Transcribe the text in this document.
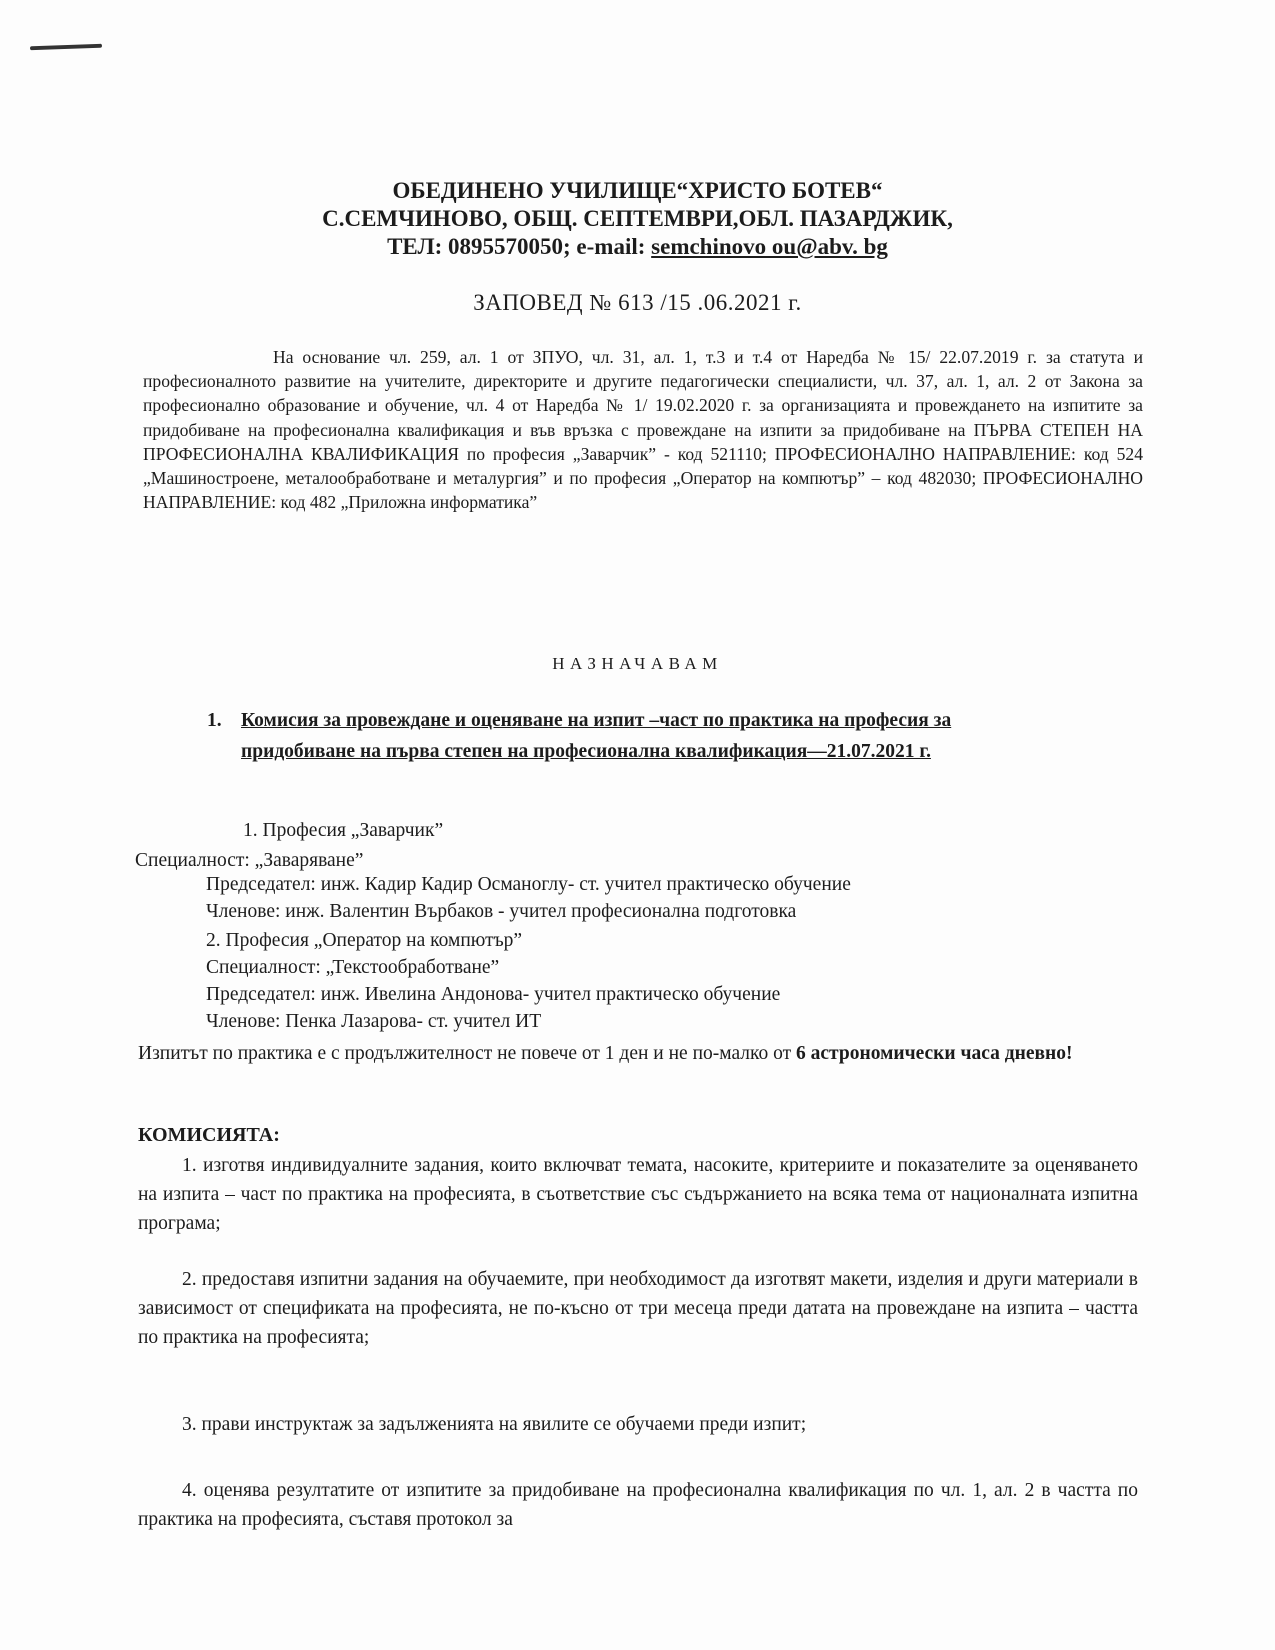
ОБЕДИНЕНО УЧИЛИЩЕ“ХРИСТО БОТЕВ“
С.СЕМЧИНОВО, ОБЩ. СЕПТЕМВРИ,ОБЛ. ПАЗАРДЖИК,
ТЕЛ: 0895570050; e-mail: semchinovo ou@abv. bg
ЗАПОВЕД № 613 /15 .06.2021 г.

На основание чл. 259, ал. 1 от ЗПУО, чл. 31, ал. 1, т.3 и т.4 от Наредба № 15/ 22.07.2019 г. за статута и професионалното развитие на учителите, директорите и другите педагогически специалисти, чл. 37, ал. 1, ал. 2 от Закона за професионално образование и обучение, чл. 4 от Наредба № 1/ 19.02.2020 г. за организацията и провеждането на изпитите за придобиване на професионална квалификация и във връзка с провеждане на изпити за придобиване на ПЪРВА СТЕПЕН НА ПРОФЕСИОНАЛНА КВАЛИФИКАЦИЯ по професия „Заварчик” - код 521110; ПРОФЕСИОНАЛНО НАПРАВЛЕНИЕ: код 524 „Машиностроене, металообработване и металургия” и по професия „Оператор на компютър” – код 482030; ПРОФЕСИОНАЛНО НАПРАВЛЕНИЕ: код 482 „Приложна информатика”

НАЗНАЧАВАМ
1. Комисия за провеждане и оценяване на изпит –част по практика на професия за придобиване на първа степен на професионална квалификация—21.07.2021 г.
1. Професия „Заварчик”
Специалност: „Заваряване”
Председател: инж. Кадир Кадир Османоглу- ст. учител практическо обучение
Членове: инж. Валентин Върбаков - учител професионална подготовка
2. Професия „Оператор на компютър”
Специалност: „Текстообработване”
Председател: инж. Ивелина Андонова- учител практическо обучение
Членове: Пенка Лазарова- ст. учител ИТ

Изпитът по практика е с продължителност не повече от 1 ден и не по-малко от 6 астрономически часа дневно!

КОМИСИЯТА:

1. изготвя индивидуалните задания, които включват темата, насоките, критериите и показателите за оценяването на изпита – част по практика на професията, в съответствие със съдържанието на всяка тема от националната изпитна програма;

2. предоставя изпитни задания на обучаемите, при необходимост да изготвят макети, изделия и други материали в зависимост от спецификата на професията, не по-късно от три месеца преди датата на провеждане на изпита – частта по практика на професията;

3. прави инструктаж за задълженията на явилите се обучаеми преди изпит;

4. оценява резултатите от изпитите за придобиване на професионална квалификация по чл. 1, ал. 2 в частта по практика на професията, съставя протокол за
